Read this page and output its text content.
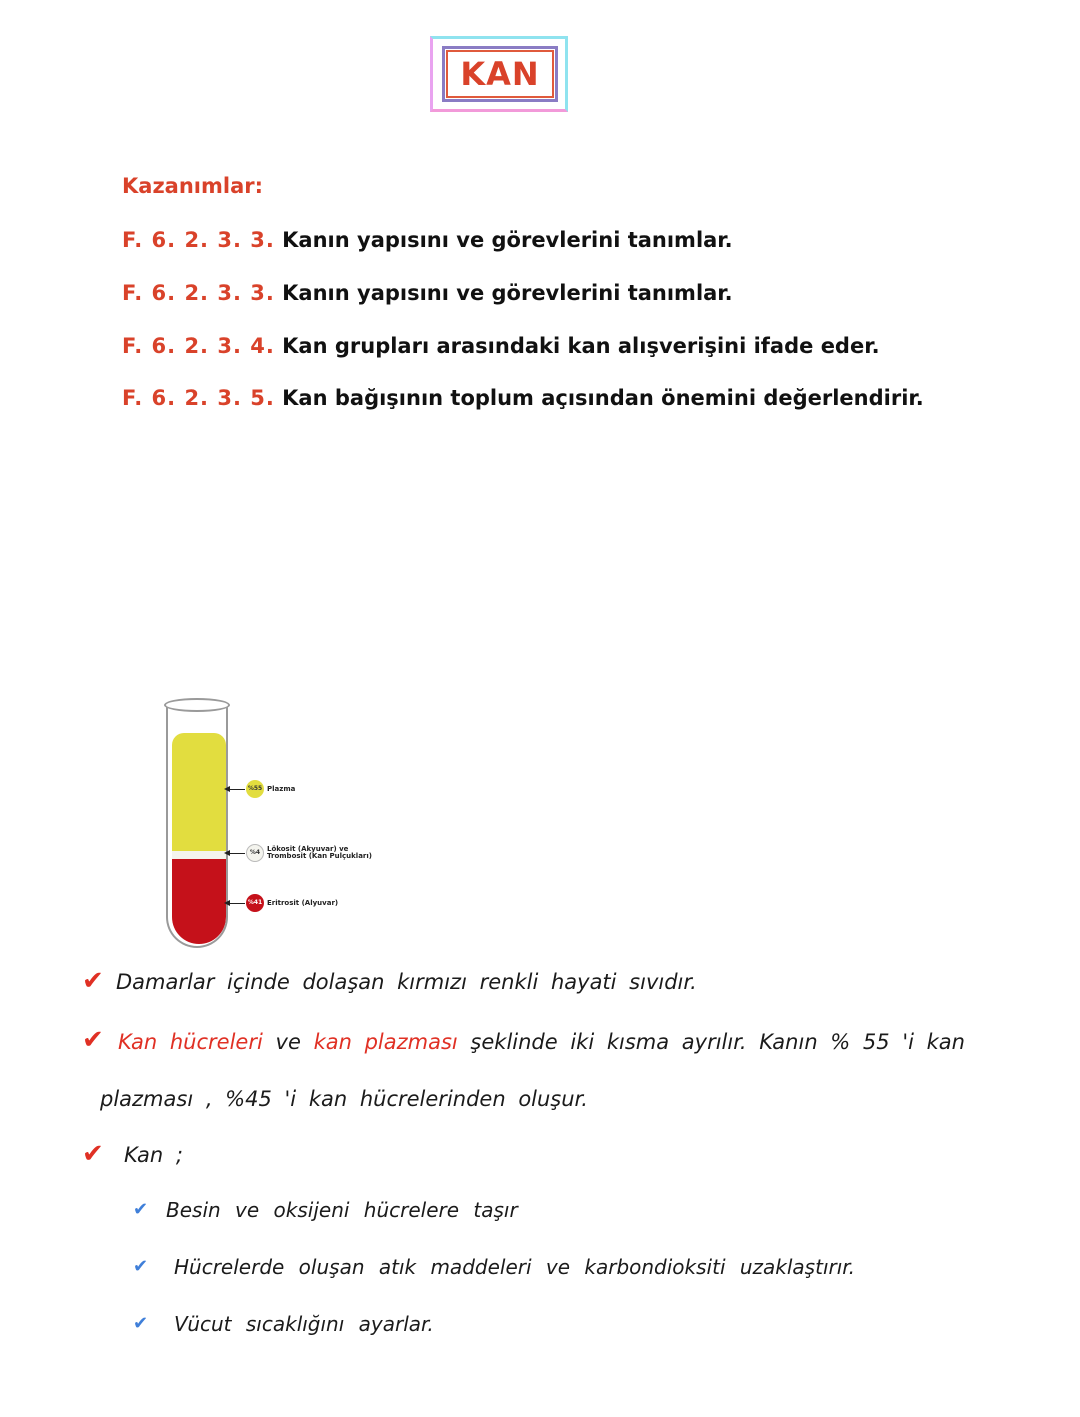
KAN
Kazanımlar:
F. 6. 2. 3. 3. Kanın yapısını ve görevlerini tanımlar.
F. 6. 2. 3. 3. Kanın yapısını ve görevlerini tanımlar.
F. 6. 2. 3. 4. Kan grupları arasındaki kan alışverişini ifade eder.
F. 6. 2. 3. 5. Kan bağışının toplum açısından önemini değerlendirir.
%55 Plazma
%4 Lökosit (Akyuvar) ve
Trombosit (Kan Pulçukları)
%41 Eritrosit (Alyuvar)
✔ Damarlar içinde dolaşan kırmızı renkli hayati sıvıdır.
✔ Kan hücreleri ve kan plazması şeklinde iki kısma ayrılır. Kanın % 55 'i kan
plazması , %45 'i kan hücrelerinden oluşur.
✔ Kan ;
✔ Besin ve oksijeni hücrelere taşır
✔ Hücrelerde oluşan atık maddeleri ve karbondioksiti uzaklaştırır.
✔ Vücut sıcaklığını ayarlar.
